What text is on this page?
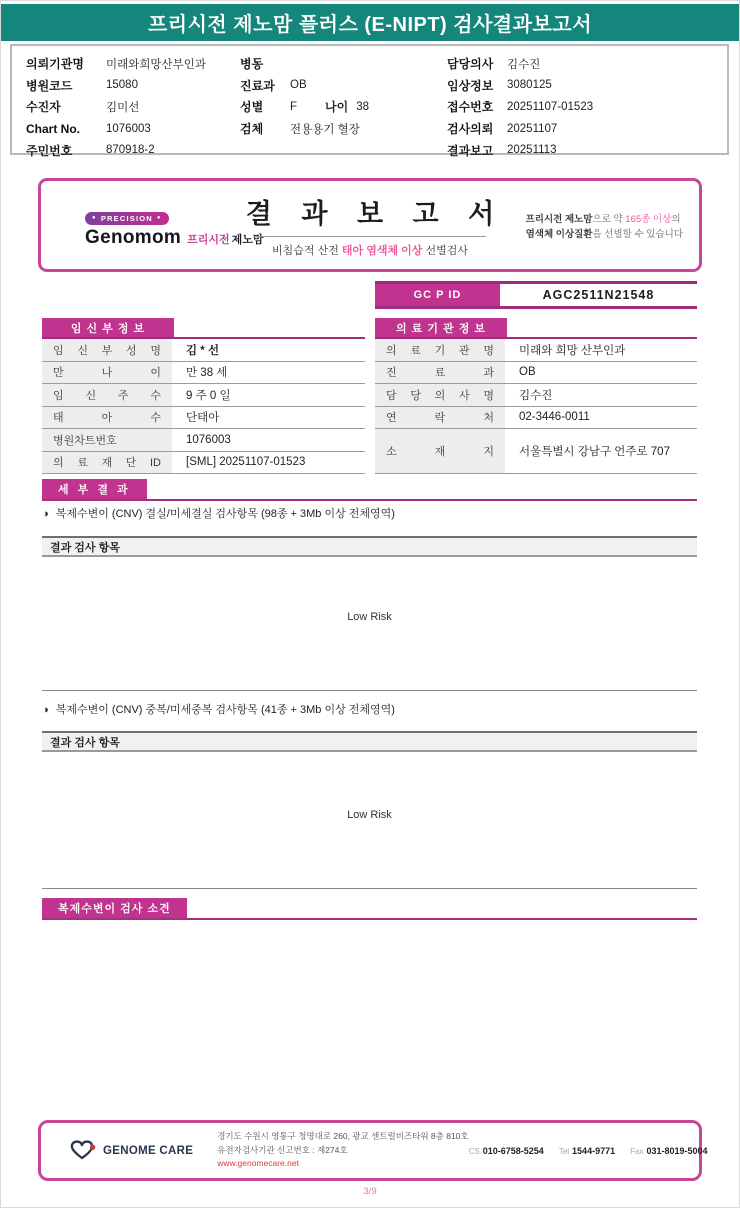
프리시전 제노맘 플러스 (E-NIPT) 검사결과보고서
의뢰기관명	미래와희망산부인과
병원코드	15080
수진자	김미선
Chart No.	1076003
주민번호	870918-2
병동
진료과	OB
성별	F 나이 38
검체	전용용기 혈장
담당의사	김수진
임상정보	3080125
접수번호	20251107-01523
검사의뢰	20251107
결과보고	20251113
● PRECISION ●
Genomom 프리시전 제노맘
결 과 보 고 서
비침습적 산전 태아 염색체 이상 선별검사
프리시전 제노맘으로 약 165종 이상의
염색체 이상질환을 선별할 수 있습니다
GC P ID	AGC2511N21548
임 신 부 정 보
임 신 부 성 명	김 * 선
만 나 이	만 38 세
임 신 주 수	9 주 0 일
태 아 수	단태아
병원차트번호	1076003
의 료 재 단 ID	[SML] 20251107-01523
의 료 기 관 정 보
의 료 기 관 명	미래와 희망 산부인과
진 료 과	OB
담 당 의 사 명	김수진
연 락 처	02-3446-0011
소 재 지	서울특별시 강남구 언주로 707
세 부 결 과
◑ 복제수변이 (CNV) 결실/미세결실 검사항목 (98종 + 3Mb 이상 전체영역)
결과 검사 항목
Low Risk
◑ 복제수변이 (CNV) 중복/미세중복 검사항목 (41종 + 3Mb 이상 전체영역)
결과 검사 항목
Low Risk
복제수변이 검사 소견
GENOME CARE
경기도 수원시 영통구 청명대로 260, 광교 센트럴비즈타워 8층 810호
유전자검사기관 신고번호 : 제274호
www.genomecare.net
CS 010-6758-5254 Tel 1544-9771 Fax 031-8019-5004
3/9
